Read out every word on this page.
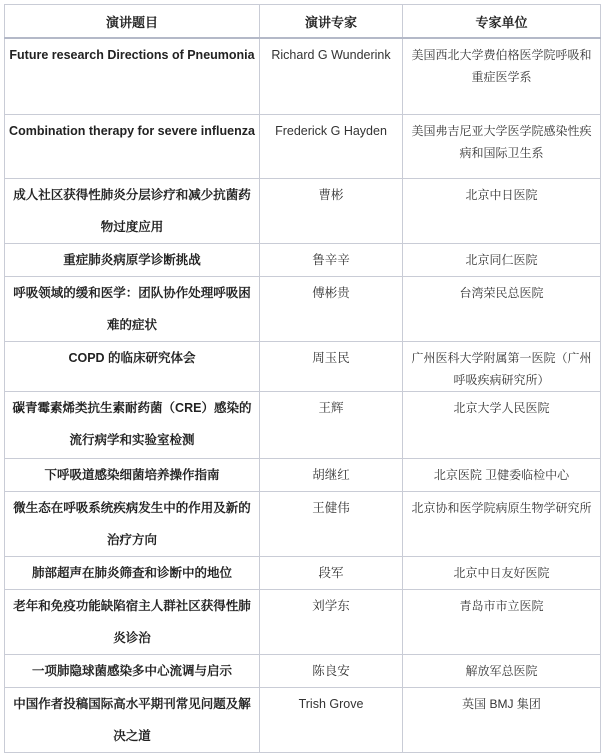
演讲题目	演讲专家	专家单位
Future research Directions of Pneumonia	Richard G Wunderink	美国西北大学费伯格医学院呼吸和重症医学系
Combination therapy for severe influenza	Frederick G Hayden	美国弗吉尼亚大学医学院感染性疾病和国际卫生系
成人社区获得性肺炎分层诊疗和减少抗菌药物过度应用	曹彬	北京中日医院
重症肺炎病原学诊断挑战	鲁辛辛	北京同仁医院
呼吸领域的缓和医学：团队协作处理呼吸困难的症状	傅彬贵	台湾荣民总医院
COPD 的临床研究体会	周玉民	广州医科大学附属第一医院（广州呼吸疾病研究所）
碳青霉素烯类抗生素耐药菌（CRE）感染的流行病学和实验室检测	王辉	北京大学人民医院
下呼吸道感染细菌培养操作指南	胡继红	北京医院 卫健委临检中心
微生态在呼吸系统疾病发生中的作用及新的治疗方向	王健伟	北京协和医学院病原生物学研究所
肺部超声在肺炎筛查和诊断中的地位	段军	北京中日友好医院
老年和免疫功能缺陷宿主人群社区获得性肺炎诊治	刘学东	青岛市市立医院
一项肺隐球菌感染多中心流调与启示	陈良安	解放军总医院
中国作者投稿国际高水平期刊常见问题及解决之道	Trish Grove	英国 BMJ 集团
